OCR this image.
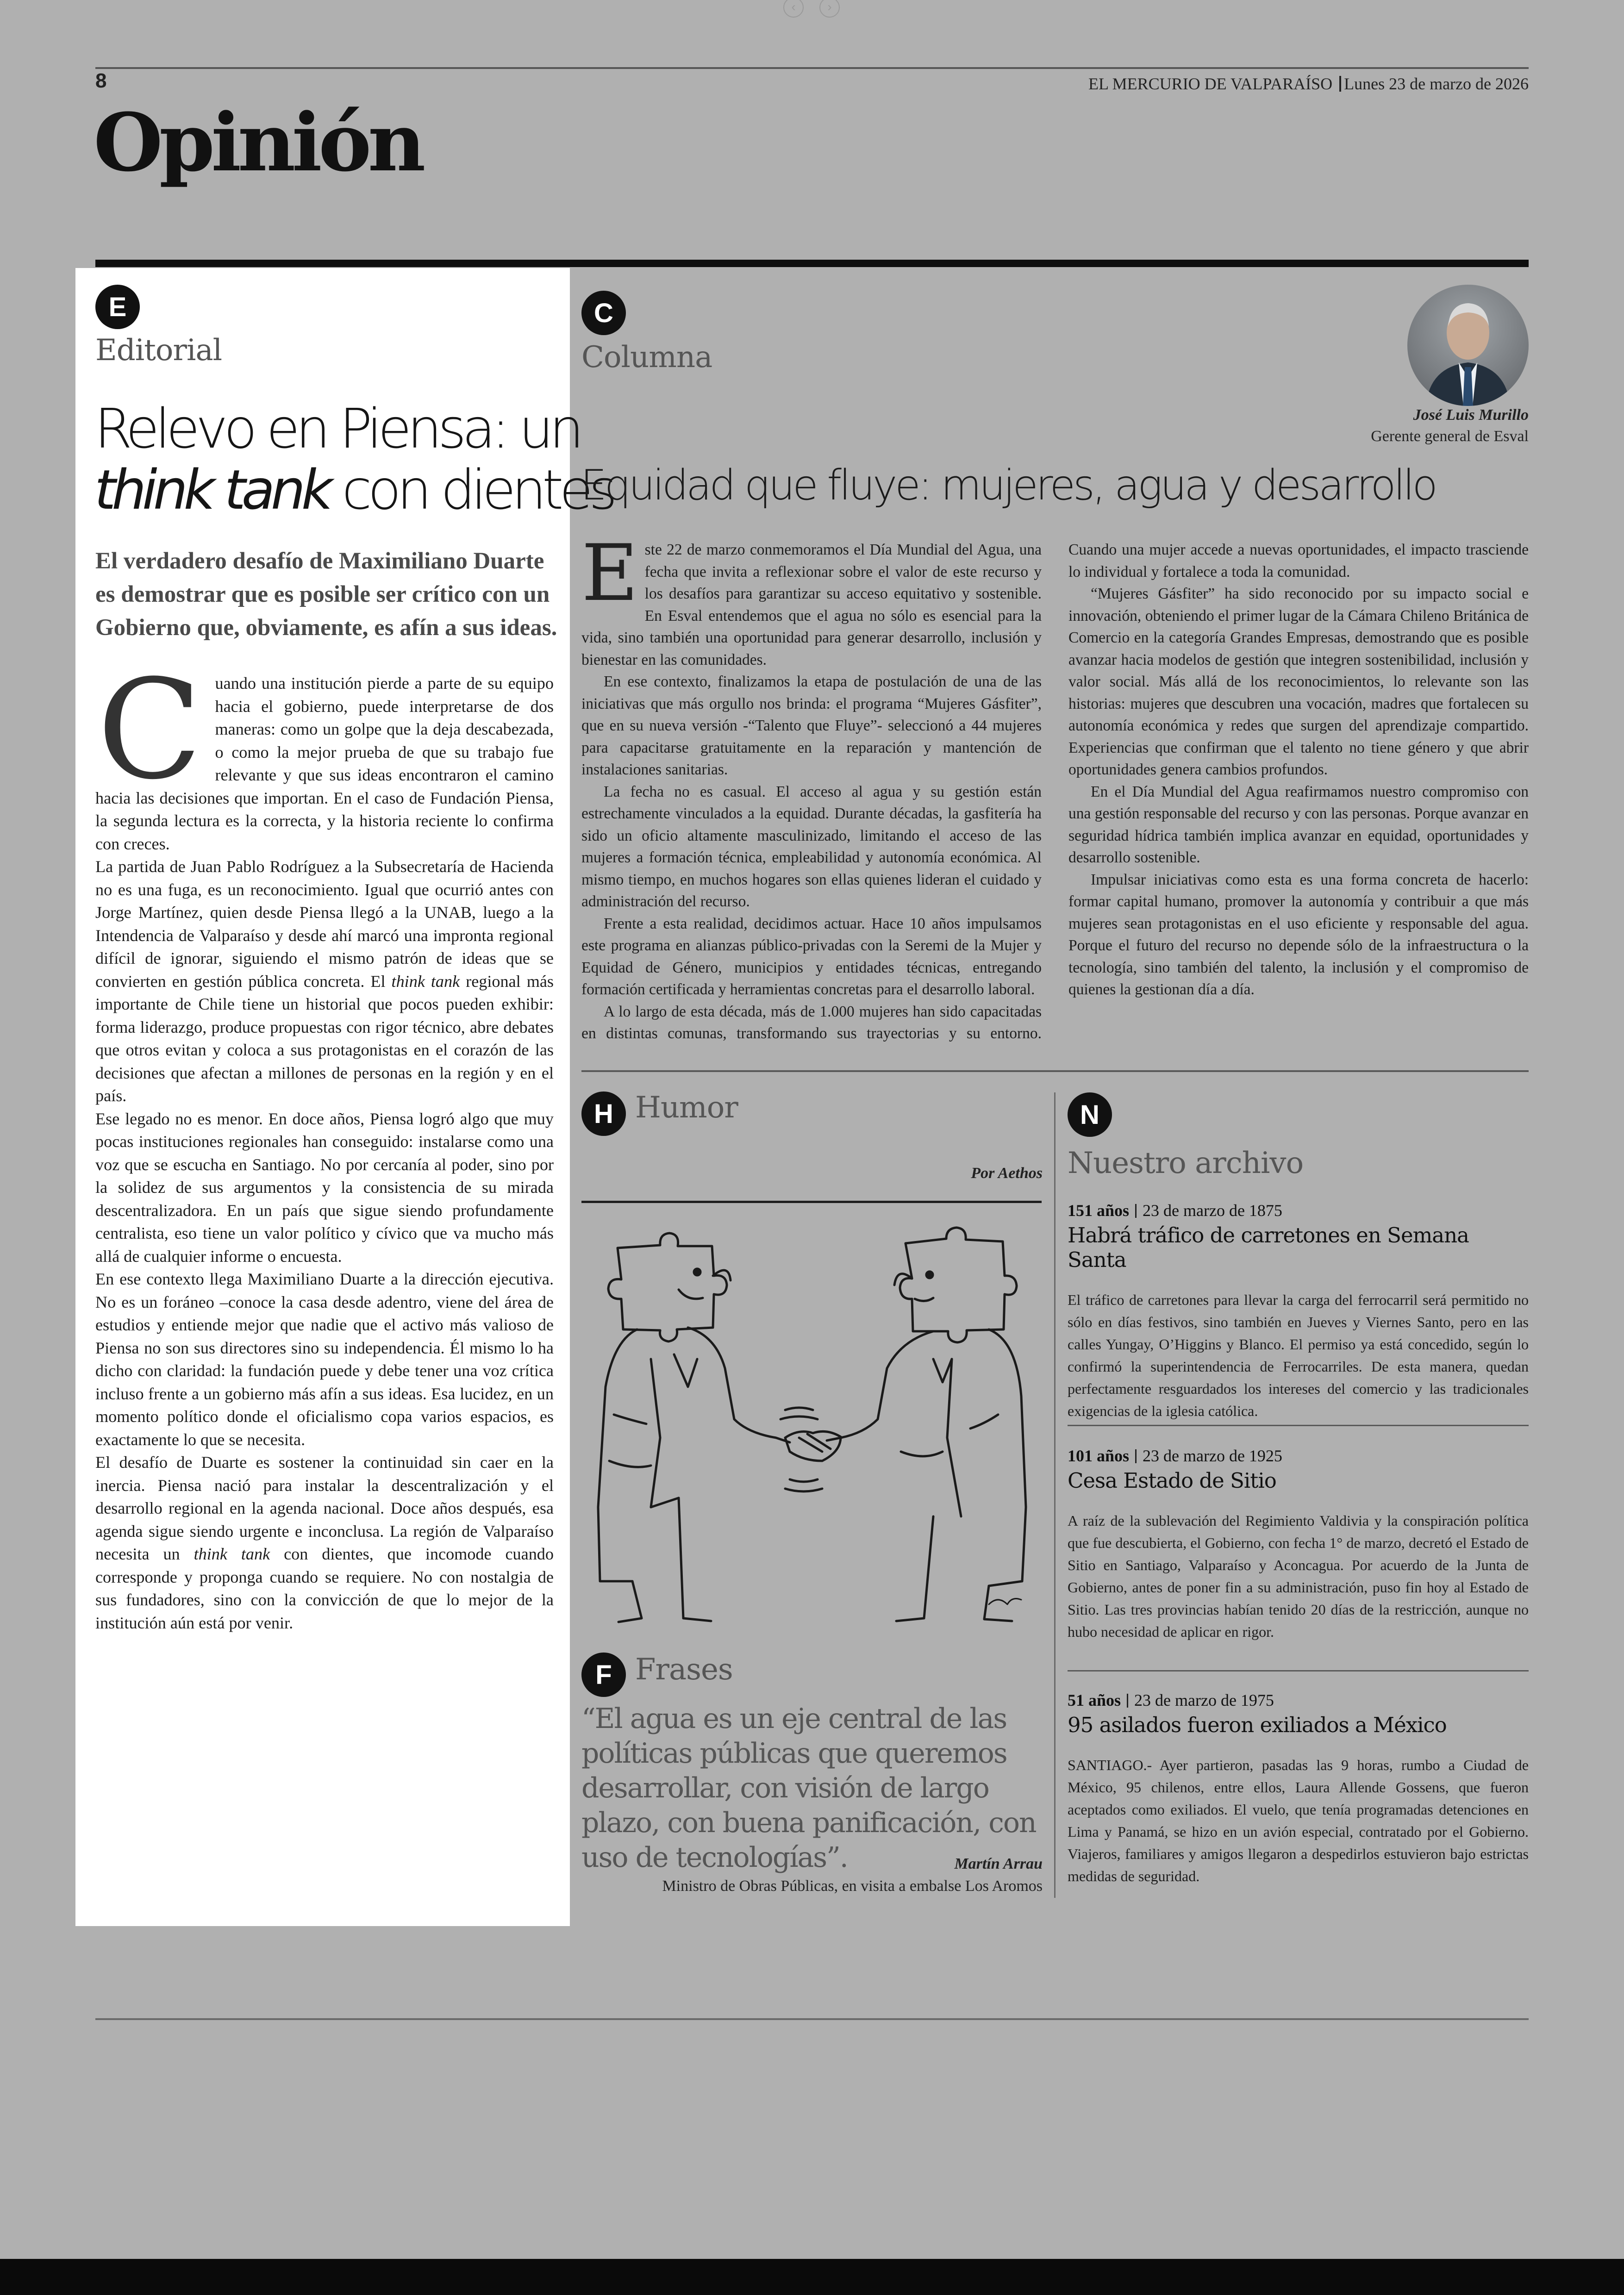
‹	›
8	EL MERCURIO DE VALPARAÍSO Lunes 23 de marzo de 2026
Opinión
E
Editorial
Relevo en Piensa: un
think tank con dientes
El verdadero desafío de Maximiliano Duarte es demostrar que es posible ser crítico con un Gobierno que, obviamente, es afín a sus ideas.

Cuando una institución pierde a parte de su equipo hacia el gobierno, puede interpretarse de dos maneras: como un golpe que la deja descabezada, o como la mejor prueba de que su trabajo fue relevante y que sus ideas encontraron el camino hacia las decisiones que importan. En el caso de Fundación Piensa, la segunda lectura es la correcta, y la historia reciente lo confirma con creces.

La partida de Juan Pablo Rodríguez a la Subsecretaría de Hacienda no es una fuga, es un reconocimiento. Igual que ocurrió antes con Jorge Martínez, quien desde Piensa llegó a la UNAB, luego a la Intendencia de Valparaíso y desde ahí marcó una impronta regional difícil de ignorar, siguiendo el mismo patrón de ideas que se convierten en gestión pública concreta. El think tank regional más importante de Chile tiene un historial que pocos pueden exhibir: forma liderazgo, produce propuestas con rigor técnico, abre debates que otros evitan y coloca a sus protagonistas en el corazón de las decisiones que afectan a millones de personas en la región y en el país.

Ese legado no es menor. En doce años, Piensa logró algo que muy pocas instituciones regionales han conseguido: instalarse como una voz que se escucha en Santiago. No por cercanía al poder, sino por la solidez de sus argumentos y la consistencia de su mirada descentralizadora. En un país que sigue siendo profundamente centralista, eso tiene un valor político y cívico que va mucho más allá de cualquier informe o encuesta.

En ese contexto llega Maximiliano Duarte a la dirección ejecutiva. No es un foráneo –conoce la casa desde adentro, viene del área de estudios y entiende mejor que nadie que el activo más valioso de Piensa no son sus directores sino su independencia. Él mismo lo ha dicho con claridad: la fundación puede y debe tener una voz crítica incluso frente a un gobierno más afín a sus ideas. Esa lucidez, en un momento político donde el oficialismo copa varios espacios, es exactamente lo que se necesita.

El desafío de Duarte es sostener la continuidad sin caer en la inercia. Piensa nació para instalar la descentralización y el desarrollo regional en la agenda nacional. Doce años después, esa agenda sigue siendo urgente e inconclusa. La región de Valparaíso necesita un think tank con dientes, que incomode cuando corresponde y proponga cuando se requiere. No con nostalgia de sus fundadores, sino con la convicción de que lo mejor de la institución aún está por venir.

C
Columna
José Luis Murillo
Gerente general de Esval
Equidad que fluye: mujeres, agua y desarrollo

Este 22 de marzo conmemoramos el Día Mundial del Agua, una fecha que invita a reflexionar sobre el valor de este recurso y los desafíos para garantizar su acceso equitativo y sostenible. En Esval entendemos que el agua no sólo es esencial para la vida, sino también una oportunidad para generar desarrollo, inclusión y bienestar en las comunidades.

En ese contexto, finalizamos la etapa de postulación de una de las iniciativas que más orgullo nos brinda: el programa “Mujeres Gásfiter”, que en su nueva versión -“Talento que Fluye”- seleccionó a 44 mujeres para capacitarse gratuitamente en la reparación y mantención de instalaciones sanitarias.

La fecha no es casual. El acceso al agua y su gestión están estrechamente vinculados a la equidad. Durante décadas, la gasfitería ha sido un oficio altamente masculinizado, limitando el acceso de las mujeres a formación técnica, empleabilidad y autonomía económica. Al mismo tiempo, en muchos hogares son ellas quienes lideran el cuidado y administración del recurso.

Frente a esta realidad, decidimos actuar. Hace 10 años impulsamos este programa en alianzas público-privadas con la Seremi de la Mujer y Equidad de Género, municipios y entidades técnicas, entregando formación certificada y herramientas concretas para el desarrollo laboral.

A lo largo de esta década, más de 1.000 mujeres han sido capacitadas en distintas comunas, transformando sus trayectorias y su entorno. Cuando una mujer accede a nuevas oportunidades, el impacto trasciende lo individual y fortalece a toda la comunidad.

“Mujeres Gásfiter” ha sido reconocido por su impacto social e innovación, obteniendo el primer lugar de la Cámara Chileno Británica de Comercio en la categoría Grandes Empresas, demostrando que es posible avanzar hacia modelos de gestión que integren sostenibilidad, inclusión y valor social. Más allá de los reconocimientos, lo relevante son las historias: mujeres que descubren una vocación, madres que fortalecen su autonomía económica y redes que surgen del aprendizaje compartido. Experiencias que confirman que el talento no tiene género y que abrir oportunidades genera cambios profundos.

En el Día Mundial del Agua reafirmamos nuestro compromiso con una gestión responsable del recurso y con las personas. Porque avanzar en seguridad hídrica también implica avanzar en equidad, oportunidades y desarrollo sostenible.

Impulsar iniciativas como esta es una forma concreta de hacerlo: formar capital humano, promover la autonomía y contribuir a que más mujeres sean protagonistas en el uso eficiente y responsable del agua. Porque el futuro del recurso no depende sólo de la infraestructura o la tecnología, sino también del talento, la inclusión y el compromiso de quienes la gestionan día a día.

H Humor
Por Aethos
F Frases
“El agua es un eje central de las políticas públicas que queremos desarrollar, con visión de largo plazo, con buena panificación, con uso de tecnologías”.	Martín Arrau
Ministro de Obras Públicas, en visita a embalse Los Aromos
N
Nuestro archivo
151 años 23 de marzo de 1875
Habrá tráfico de carretones en Semana Santa
El tráfico de carretones para llevar la carga del ferrocarril será permitido no sólo en días festivos, sino también en Jueves y Viernes Santo, pero en las calles Yungay, O’Higgins y Blanco. El permiso ya está concedido, según lo confirmó la superintendencia de Ferrocarriles. De esta manera, quedan perfectamente resguardados los intereses del comercio y las tradicionales exigencias de la iglesia católica.
101 años 23 de marzo de 1925
Cesa Estado de Sitio
A raíz de la sublevación del Regimiento Valdivia y la conspiración política que fue descubierta, el Gobierno, con fecha 1° de marzo, decretó el Estado de Sitio en Santiago, Valparaíso y Aconcagua. Por acuerdo de la Junta de Gobierno, antes de poner fin a su administración, puso fin hoy al Estado de Sitio. Las tres provincias habían tenido 20 días de la restricción, aunque no hubo necesidad de aplicar en rigor.
51 años 23 de marzo de 1975
95 asilados fueron exiliados a México
SANTIAGO.- Ayer partieron, pasadas las 9 horas, rumbo a Ciudad de México, 95 chilenos, entre ellos, Laura Allende Gossens, que fueron aceptados como exiliados. El vuelo, que tenía programadas detenciones en Lima y Panamá, se hizo en un avión especial, contratado por el Gobierno. Viajeros, familiares y amigos llegaron a despedirlos estuvieron bajo estrictas medidas de seguridad.
